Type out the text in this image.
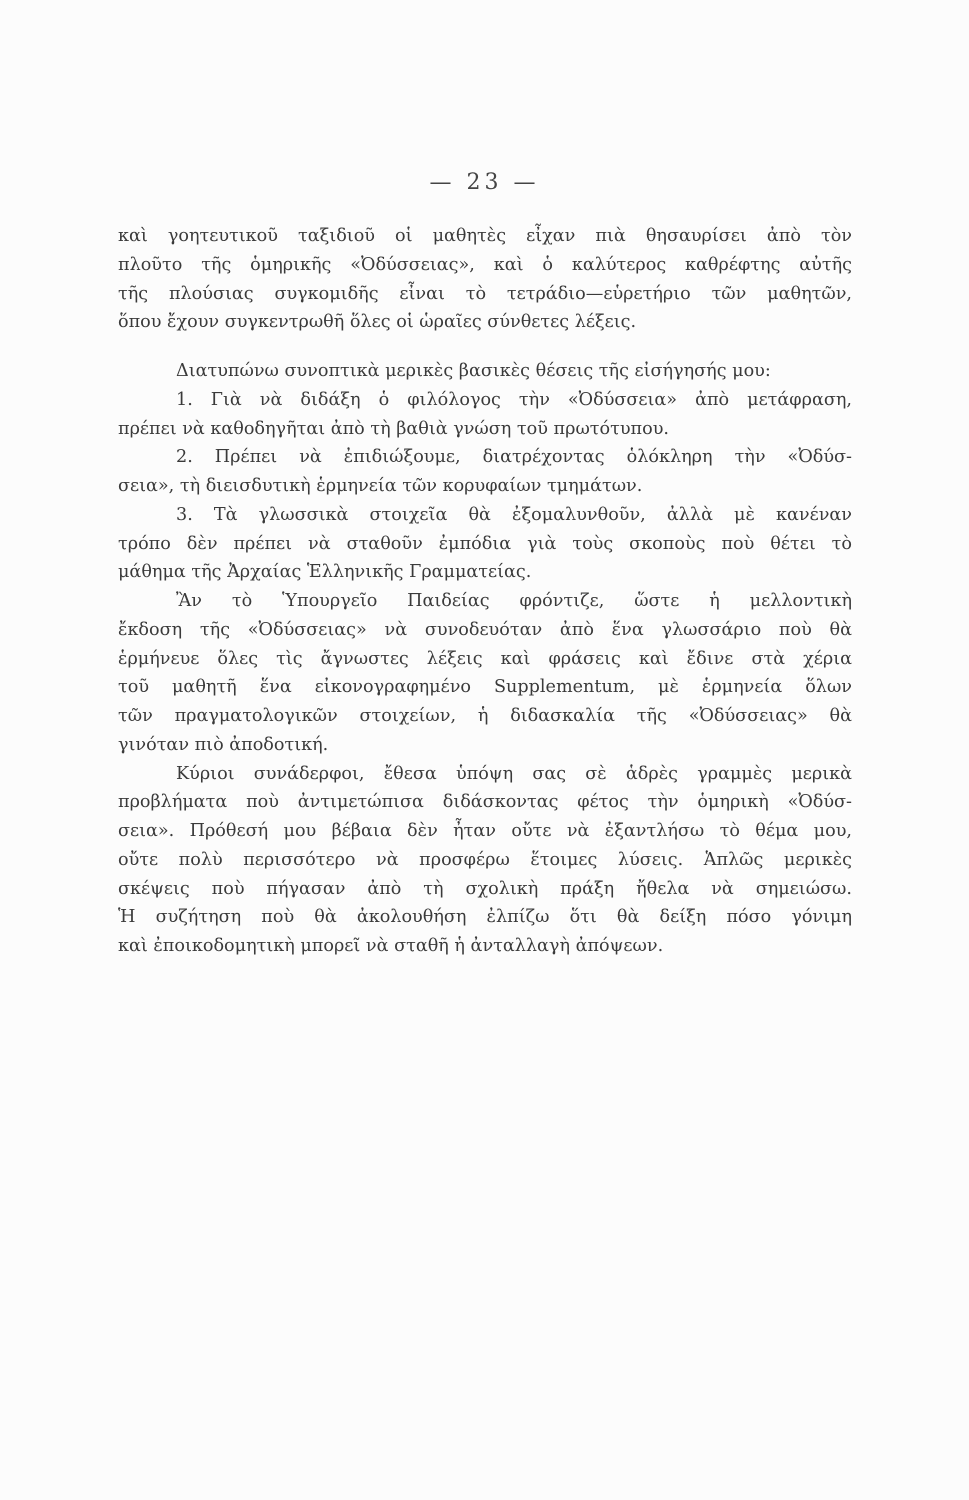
— 23 —
καὶ γοητευτικοῦ ταξιδιοῦ οἱ μαθητὲς εἶχαν πιὰ θησαυρίσει ἀπὸ τὸν
πλοῦτο τῆς ὁμηρικῆς «Ὀδύσσειας», καὶ ὁ καλύτερος καθρέφτης αὐτῆς
τῆς πλούσιας συγκομιδῆς εἶναι τὸ τετράδιο—εὑρετήριο τῶν μαθητῶν,
ὅπου ἔχουν συγκεντρωθῆ ὅλες οἱ ὡραῖες σύνθετες λέξεις.
Διατυπώνω συνοπτικὰ μερικὲς βασικὲς θέσεις τῆς εἰσήγησής μου:
1. Γιὰ νὰ διδάξη ὁ φιλόλογος τὴν «Ὀδύσσεια» ἀπὸ μετάφραση,
πρέπει νὰ καθοδηγῆται ἀπὸ τὴ βαθιὰ γνώση τοῦ πρωτότυπου.
2. Πρέπει νὰ ἐπιδιώξουμε, διατρέχοντας ὁλόκληρη τὴν «Ὀδύσ-
σεια», τὴ διεισδυτικὴ ἑρμηνεία τῶν κορυφαίων τμημάτων.
3. Τὰ γλωσσικὰ στοιχεῖα θὰ ἐξομαλυνθοῦν, ἀλλὰ μὲ κανέναν
τρόπο δὲν πρέπει νὰ σταθοῦν ἐμπόδια γιὰ τοὺς σκοποὺς ποὺ θέτει τὸ
μάθημα τῆς Ἀρχαίας Ἑλληνικῆς Γραμματείας.
Ἂν τὸ Ὑπουργεῖο Παιδείας φρόντιζε, ὥστε ἡ μελλοντικὴ
ἔκδοση τῆς «Ὀδύσσειας» νὰ συνοδευόταν ἀπὸ ἕνα γλωσσάριο ποὺ θὰ
ἑρμήνευε ὅλες τὶς ἄγνωστες λέξεις καὶ φράσεις καὶ ἔδινε στὰ χέρια
τοῦ μαθητῆ ἕνα εἰκονογραφημένο Supplementum, μὲ ἑρμηνεία ὅλων
τῶν πραγματολογικῶν στοιχείων, ἡ διδασκαλία τῆς «Ὀδύσσειας» θὰ
γινόταν πιὸ ἀποδοτική.
Κύριοι συνάδερφοι, ἔθεσα ὑπόψη σας σὲ ἁδρὲς γραμμὲς μερικὰ
προβλήματα ποὺ ἀντιμετώπισα διδάσκοντας φέτος τὴν ὁμηρικὴ «Ὀδύσ-
σεια». Πρόθεσή μου βέβαια δὲν ἦταν οὔτε νὰ ἐξαντλήσω τὸ θέμα μου,
οὔτε πολὺ περισσότερο νὰ προσφέρω ἕτοιμες λύσεις. Ἁπλῶς μερικὲς
σκέψεις ποὺ πήγασαν ἀπὸ τὴ σχολικὴ πράξη ἤθελα νὰ σημειώσω.
Ἡ συζήτηση ποὺ θὰ ἀκολουθήση ἐλπίζω ὅτι θὰ δείξη πόσο γόνιμη
καὶ ἐποικοδομητικὴ μπορεῖ νὰ σταθῆ ἡ ἀνταλλαγὴ ἀπόψεων.
